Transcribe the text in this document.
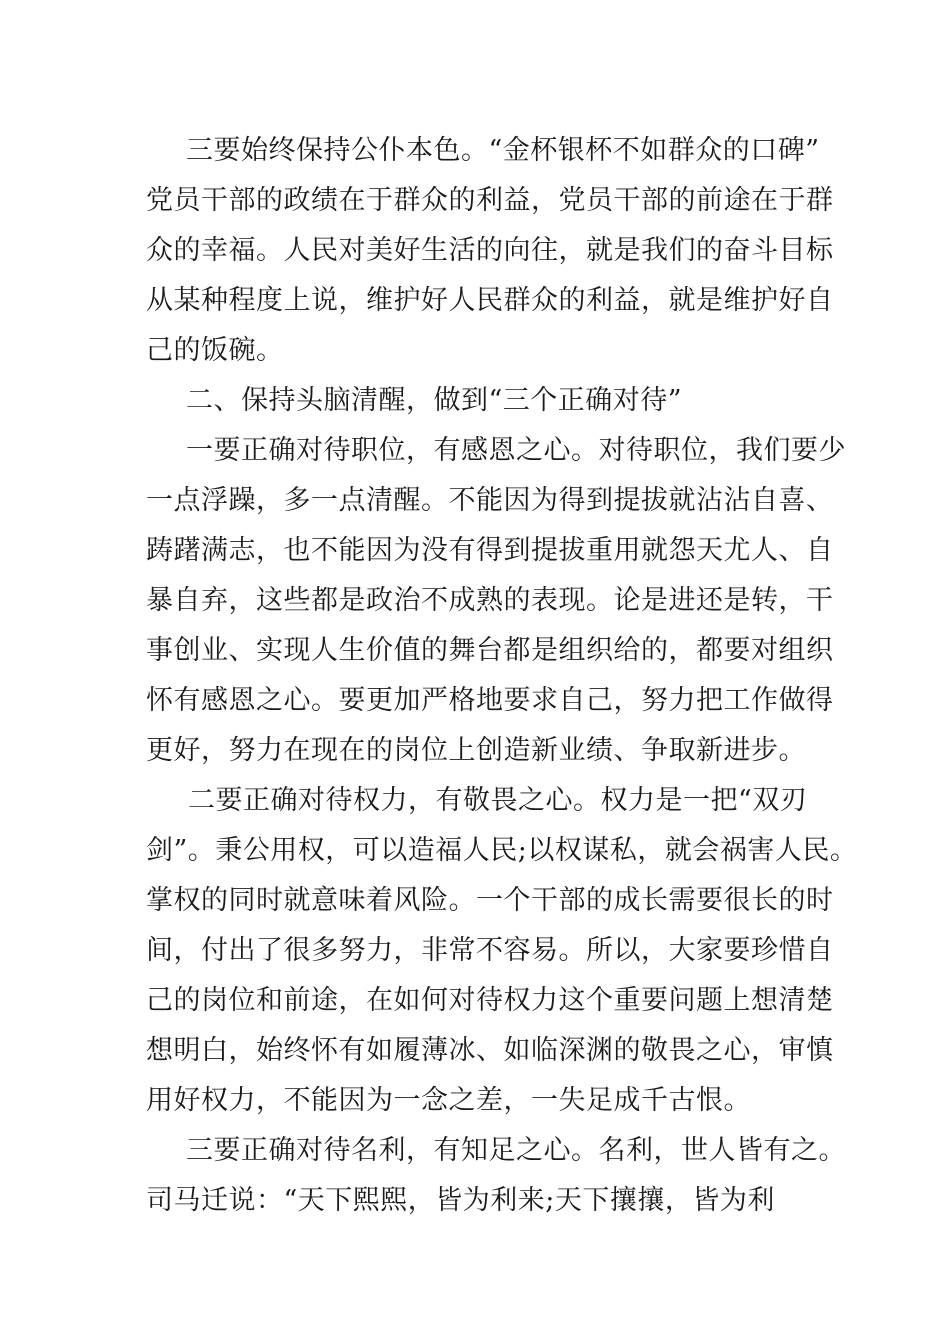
三要始终保持公仆本色。“金杯银杯不如群众的口碑”
党员干部的政绩在于群众的利益，党员干部的前途在于群
众的幸福。人民对美好生活的向往，就是我们的奋斗目标
从某种程度上说，维护好人民群众的利益，就是维护好自
己的饭碗。
二、保持头脑清醒，做到“三个正确对待”
一要正确对待职位，有感恩之心。对待职位，我们要少
一点浮躁，多一点清醒。不能因为得到提拔就沾沾自喜、
踌躇满志，也不能因为没有得到提拔重用就怨天尤人、自
暴自弃，这些都是政治不成熟的表现。论是进还是转，干
事创业、实现人生价值的舞台都是组织给的，都要对组织
怀有感恩之心。要更加严格地要求自己，努力把工作做得
更好，努力在现在的岗位上创造新业绩、争取新进步。
二要正确对待权力，有敬畏之心。权力是一把“双刃
剑”。秉公用权，可以造福人民;以权谋私，就会祸害人民。
掌权的同时就意味着风险。一个干部的成长需要很长的时
间，付出了很多努力，非常不容易。所以，大家要珍惜自
己的岗位和前途，在如何对待权力这个重要问题上想清楚
想明白，始终怀有如履薄冰、如临深渊的敬畏之心，审慎
用好权力，不能因为一念之差，一失足成千古恨。
三要正确对待名利，有知足之心。名利，世人皆有之。
司马迁说：“天下熙熙，皆为利来;天下攘攘，皆为利
